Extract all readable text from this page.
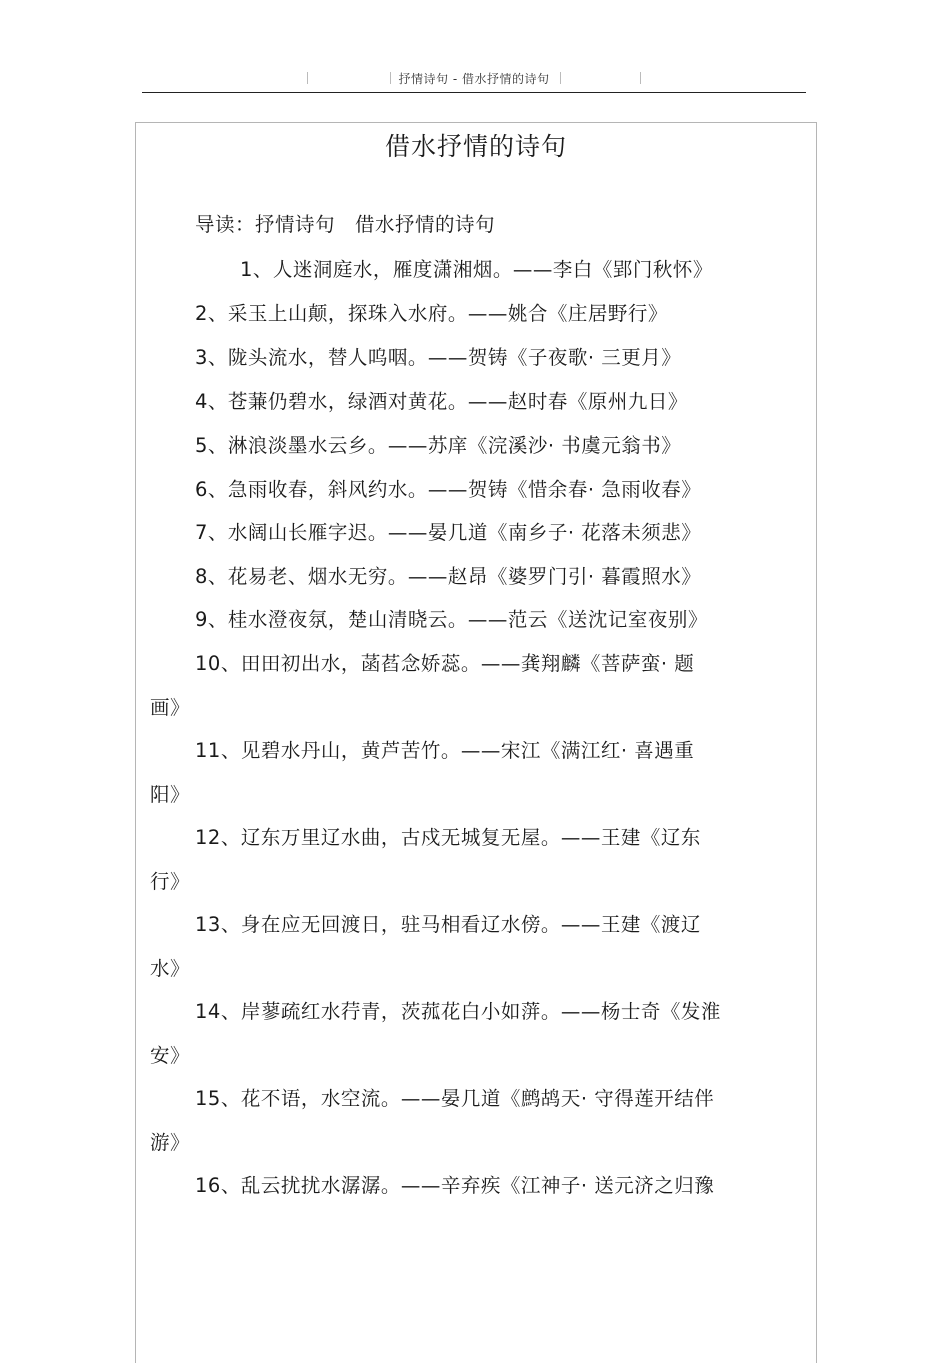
抒情诗句 - 借水抒情的诗句
借水抒情的诗句
导读：抒情诗句　借水抒情的诗句
1、人迷洞庭水，雁度潇湘烟。——李白《郢门秋怀》
2、采玉上山颠，探珠入水府。——姚合《庄居野行》
3、陇头流水，替人呜咽。——贺铸《子夜歌· 三更月》
4、苍蒹仍碧水，绿酒对黄花。——赵时春《原州九日》
5、淋浪淡墨水云乡。——苏庠《浣溪沙· 书虞元翁书》
6、急雨收春，斜风约水。——贺铸《惜余春· 急雨收春》
7、水阔山长雁字迟。——晏几道《南乡子· 花落未须悲》
8、花易老、烟水无穷。——赵昂《婆罗门引· 暮霞照水》
9、桂水澄夜氛，楚山清晓云。——范云《送沈记室夜别》
10、田田初出水，菡萏念娇蕊。——龚翔麟《菩萨蛮· 题
画》
11、见碧水丹山，黄芦苦竹。——宋江《满江红· 喜遇重
阳》
12、辽东万里辽水曲，古戍无城复无屋。——王建《辽东
行》
13、身在应无回渡日，驻马相看辽水傍。——王建《渡辽
水》
14、岸蓼疏红水荇青，茨菰花白小如蓱。——杨士奇《发淮
安》
15、花不语，水空流。——晏几道《鹧鸪天· 守得莲开结伴
游》
16、乱云扰扰水潺潺。——辛弃疾《江神子· 送元济之归豫
